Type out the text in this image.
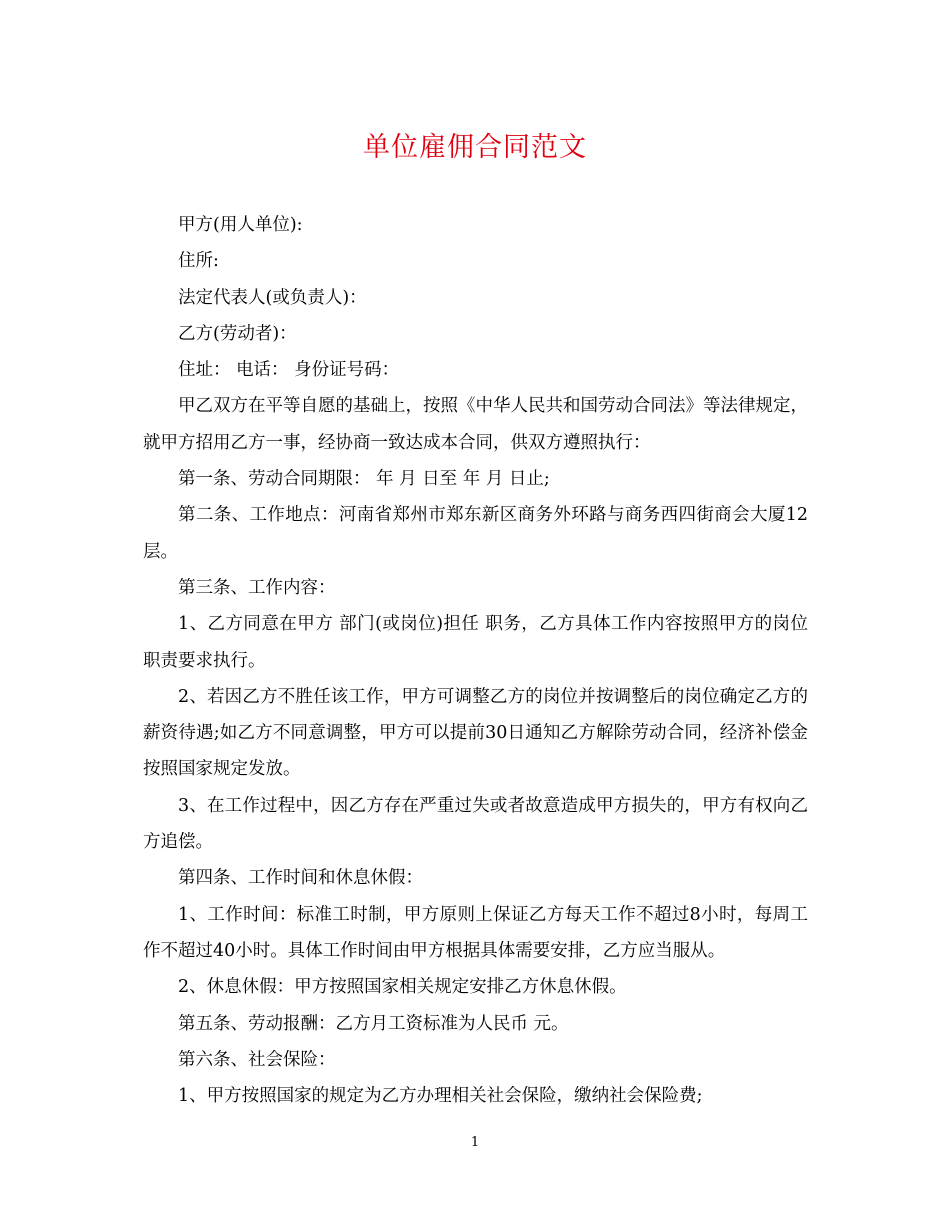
单位雇佣合同范文

甲方(用人单位):

住所:

法定代表人(或负责人)：

乙方(劳动者)：

住址： 电话： 身份证号码：

甲乙双方在平等自愿的基础上，按照《中华人民共和国劳动合同法》等法律规定，就甲方招用乙方一事，经协商一致达成本合同，供双方遵照执行：

第一条、劳动合同期限： 年 月 日至 年 月 日止;

第二条、工作地点：河南省郑州市郑东新区商务外环路与商务西四街商会大厦12层。

第三条、工作内容：

1、乙方同意在甲方 部门(或岗位)担任 职务，乙方具体工作内容按照甲方的岗位职责要求执行。

2、若因乙方不胜任该工作，甲方可调整乙方的岗位并按调整后的岗位确定乙方的薪资待遇;如乙方不同意调整，甲方可以提前30日通知乙方解除劳动合同，经济补偿金按照国家规定发放。

3、在工作过程中，因乙方存在严重过失或者故意造成甲方损失的，甲方有权向乙方追偿。

第四条、工作时间和休息休假：

1、工作时间：标准工时制，甲方原则上保证乙方每天工作不超过8小时，每周工作不超过40小时。具体工作时间由甲方根据具体需要安排，乙方应当服从。

2、休息休假：甲方按照国家相关规定安排乙方休息休假。

第五条、劳动报酬：乙方月工资标准为人民币 元。

第六条、社会保险：

1、甲方按照国家的规定为乙方办理相关社会保险，缴纳社会保险费;

1
